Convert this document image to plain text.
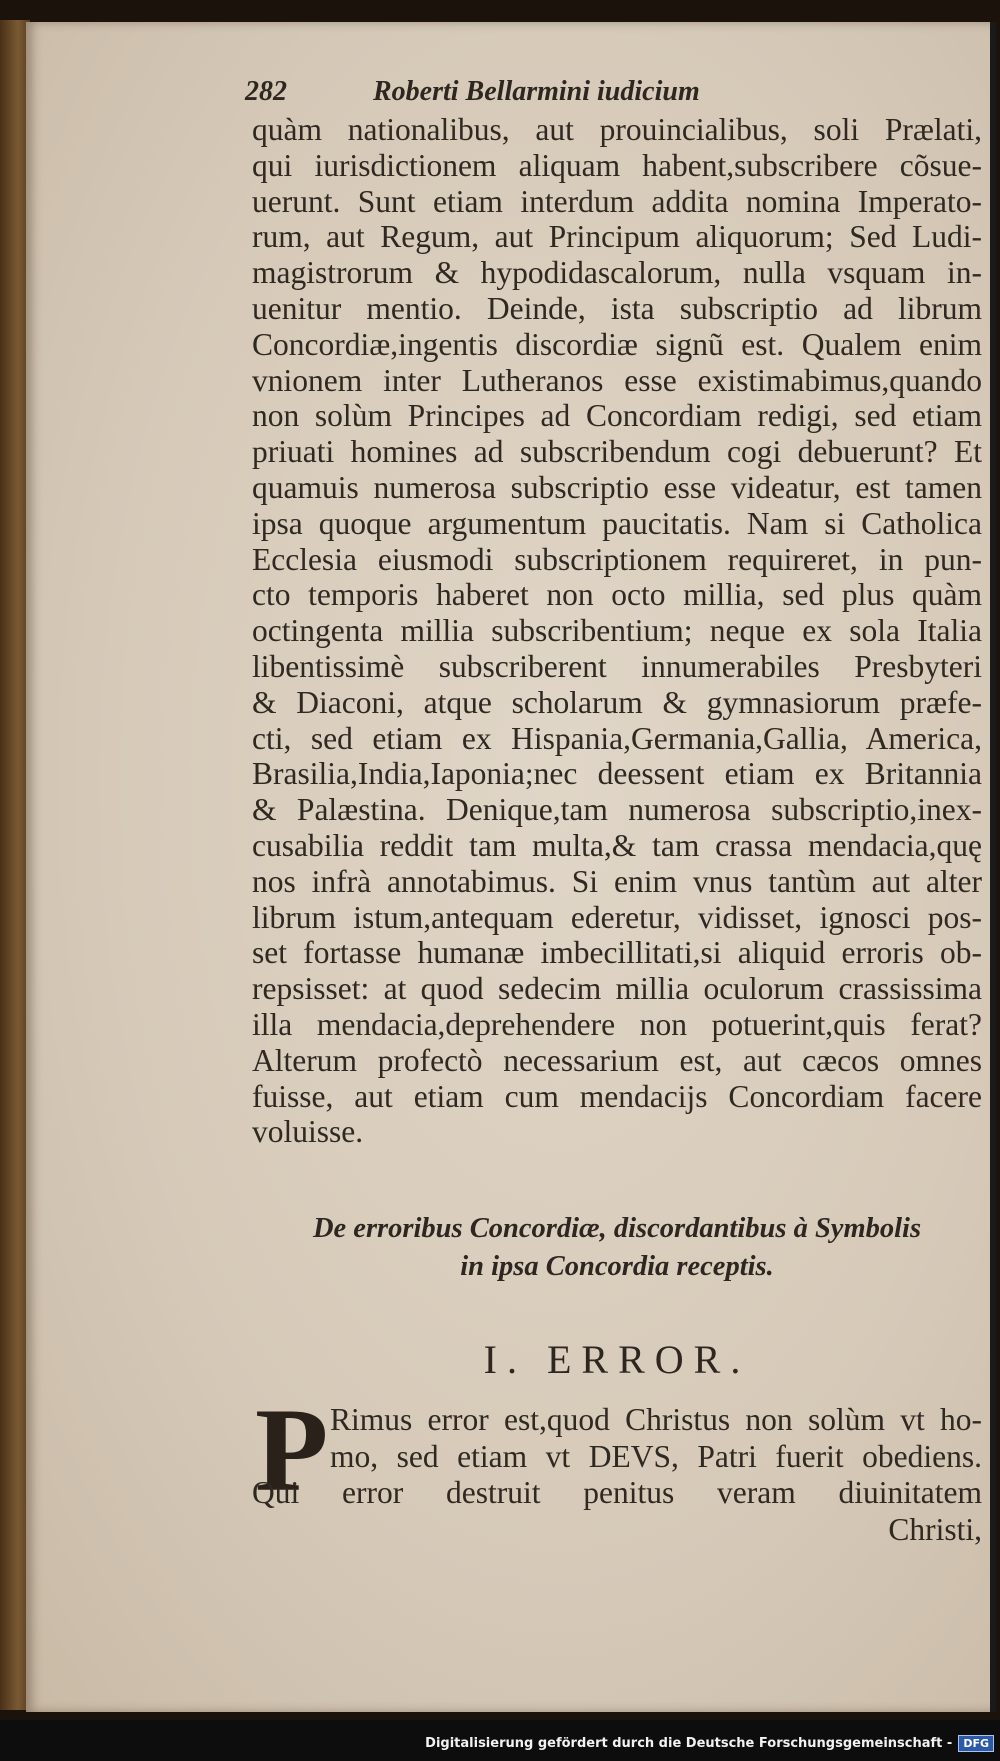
282	Roberti Bellarmini iudicium
quàm nationalibus, aut prouincialibus, soli Prælati,
qui iurisdictionem aliquam habent,subscribere cõsue-
uerunt. Sunt etiam interdum addita nomina Imperato-
rum, aut Regum, aut Principum aliquorum; Sed Ludi-
magistrorum & hypodidascalorum, nulla vsquam in-
uenitur mentio. Deinde, ista subscriptio ad librum
Concordiæ,ingentis discordiæ signũ est. Qualem enim
vnionem inter Lutheranos esse existimabimus,quando
non solùm Principes ad Concordiam redigi, sed etiam
priuati homines ad subscribendum cogi debuerunt? Et
quamuis numerosa subscriptio esse videatur, est tamen
ipsa quoque argumentum paucitatis. Nam si Catholica
Ecclesia eiusmodi subscriptionem requireret, in pun-
cto temporis haberet non octo millia, sed plus quàm
octingenta millia subscribentium; neque ex sola Italia
libentissimè subscriberent innumerabiles Presbyteri
& Diaconi, atque scholarum & gymnasiorum præfe-
cti, sed etiam ex Hispania,Germania,Gallia, America,
Brasilia,India,Iaponia;nec deessent etiam ex Britannia
& Palæstina. Denique,tam numerosa subscriptio,inex-
cusabilia reddit tam multa,& tam crassa mendacia,quę
nos infrà annotabimus. Si enim vnus tantùm aut alter
librum istum,antequam ederetur, vidisset, ignosci pos-
set fortasse humanæ imbecillitati,si aliquid erroris ob-
repsisset: at quod sedecim millia oculorum crassissima
illa mendacia,deprehendere non potuerint,quis ferat?
Alterum profectò necessarium est, aut cæcos omnes
fuisse, aut etiam cum mendacijs Concordiam facere
voluisse.
De erroribus Concordiæ, discordantibus à Symbolis
in ipsa Concordia receptis.
I. ERROR.
P Rimus error est,quod Christus non solùm vt ho-
mo, sed etiam vt DEVS, Patri fuerit obediens.
Qui error destruit penitus veram diuinitatem
Christi,
Digitalisierung gefördert durch die Deutsche Forschungsgemeinschaft -	DFG
